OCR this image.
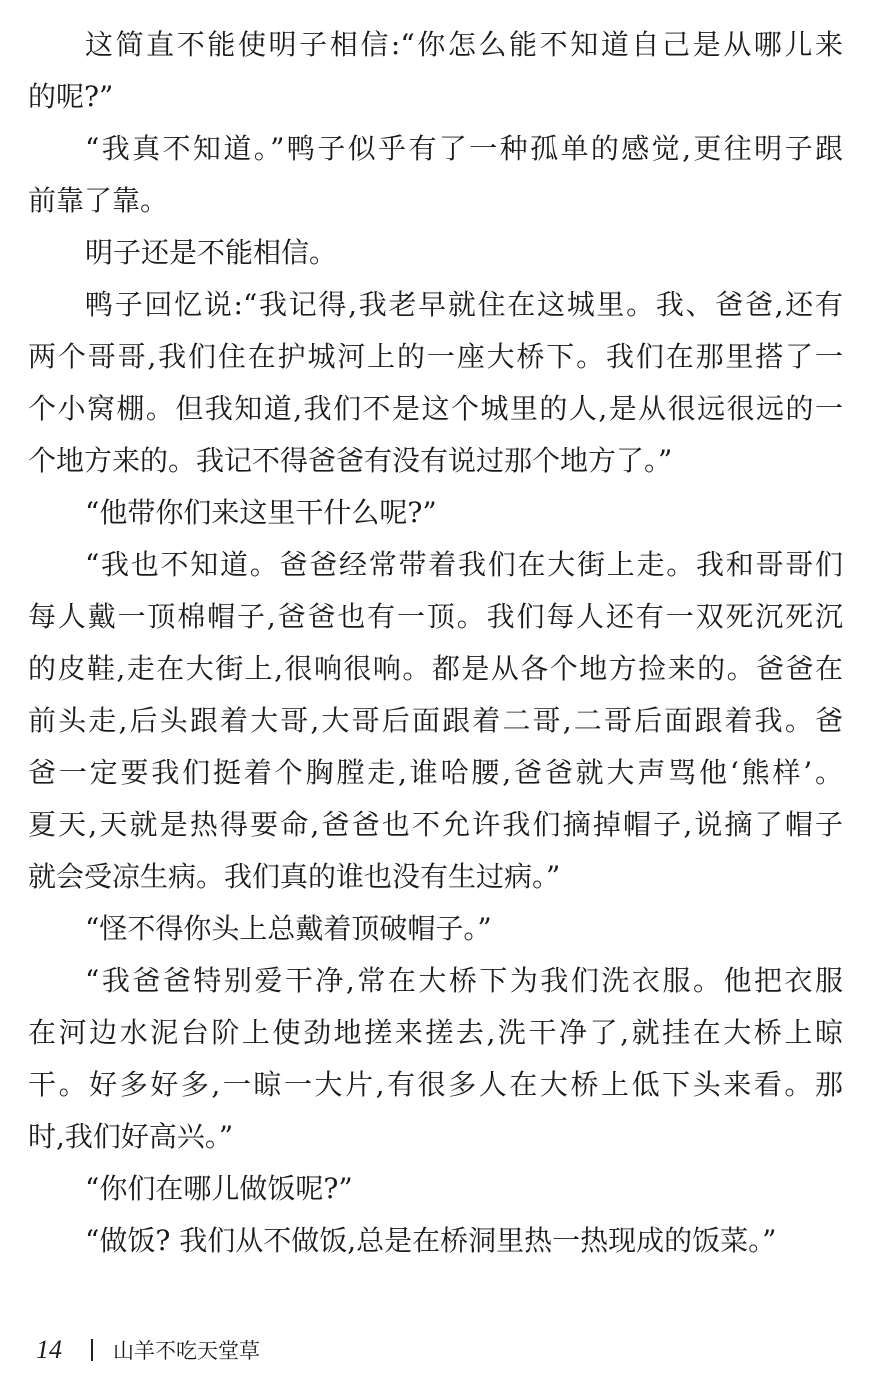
这简直不能使明子相信:“你怎么能不知道自己是从哪儿来
的呢?”
“我真不知道。”鸭子似乎有了一种孤单的感觉,更往明子跟
前靠了靠。
明子还是不能相信。
鸭子回忆说:“我记得,我老早就住在这城里。我、爸爸,还有
两个哥哥,我们住在护城河上的一座大桥下。我们在那里搭了一
个小窝棚。但我知道,我们不是这个城里的人,是从很远很远的一
个地方来的。我记不得爸爸有没有说过那个地方了。”
“他带你们来这里干什么呢?”
“我也不知道。爸爸经常带着我们在大街上走。我和哥哥们
每人戴一顶棉帽子,爸爸也有一顶。我们每人还有一双死沉死沉
的皮鞋,走在大街上,很响很响。都是从各个地方捡来的。爸爸在
前头走,后头跟着大哥,大哥后面跟着二哥,二哥后面跟着我。爸
爸一定要我们挺着个胸膛走,谁哈腰,爸爸就大声骂他‘熊样’。
夏天,天就是热得要命,爸爸也不允许我们摘掉帽子,说摘了帽子
就会受凉生病。我们真的谁也没有生过病。”
“怪不得你头上总戴着顶破帽子。”
“我爸爸特别爱干净,常在大桥下为我们洗衣服。他把衣服
在河边水泥台阶上使劲地搓来搓去,洗干净了,就挂在大桥上晾
干。好多好多,一晾一大片,有很多人在大桥上低下头来看。那
时,我们好高兴。”
“你们在哪儿做饭呢?”
“做饭? 我们从不做饭,总是在桥洞里热一热现成的饭菜。”
14	山羊不吃天堂草
